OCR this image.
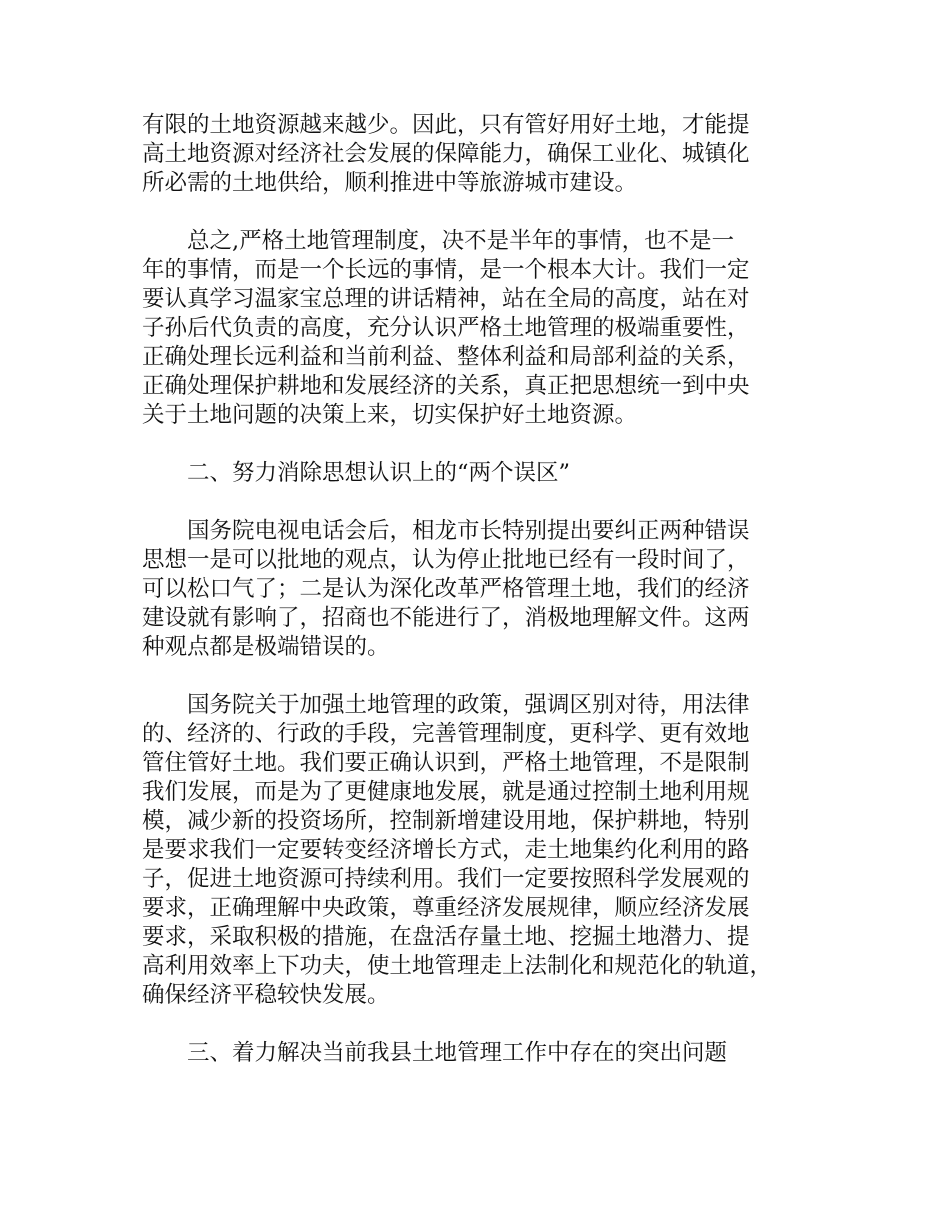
有限的土地资源越来越少。因此，只有管好用好土地，才能提
高土地资源对经济社会发展的保障能力，确保工业化、城镇化
所必需的土地供给，顺利推进中等旅游城市建设。
　　总之,严格土地管理制度，决不是半年的事情，也不是一
年的事情，而是一个长远的事情，是一个根本大计。我们一定
要认真学习温家宝总理的讲话精神，站在全局的高度，站在对
子孙后代负责的高度，充分认识严格土地管理的极端重要性，
正确处理长远利益和当前利益、整体利益和局部利益的关系，
正确处理保护耕地和发展经济的关系，真正把思想统一到中央
关于土地问题的决策上来，切实保护好土地资源。
　　二、努力消除思想认识上的“两个误区”
　　国务院电视电话会后，相龙市长特别提出要纠正两种错误
思想一是可以批地的观点，认为停止批地已经有一段时间了，
可以松口气了；二是认为深化改革严格管理土地，我们的经济
建设就有影响了，招商也不能进行了，消极地理解文件。这两
种观点都是极端错误的。
　　国务院关于加强土地管理的政策，强调区别对待，用法律
的、经济的、行政的手段，完善管理制度，更科学、更有效地
管住管好土地。我们要正确认识到，严格土地管理，不是限制
我们发展，而是为了更健康地发展，就是通过控制土地利用规
模，减少新的投资场所，控制新增建设用地，保护耕地，特别
是要求我们一定要转变经济增长方式，走土地集约化利用的路
子，促进土地资源可持续利用。我们一定要按照科学发展观的
要求，正确理解中央政策，尊重经济发展规律，顺应经济发展
要求，采取积极的措施，在盘活存量土地、挖掘土地潜力、提
高利用效率上下功夫，使土地管理走上法制化和规范化的轨道，
确保经济平稳较快发展。
　　三、着力解决当前我县土地管理工作中存在的突出问题
